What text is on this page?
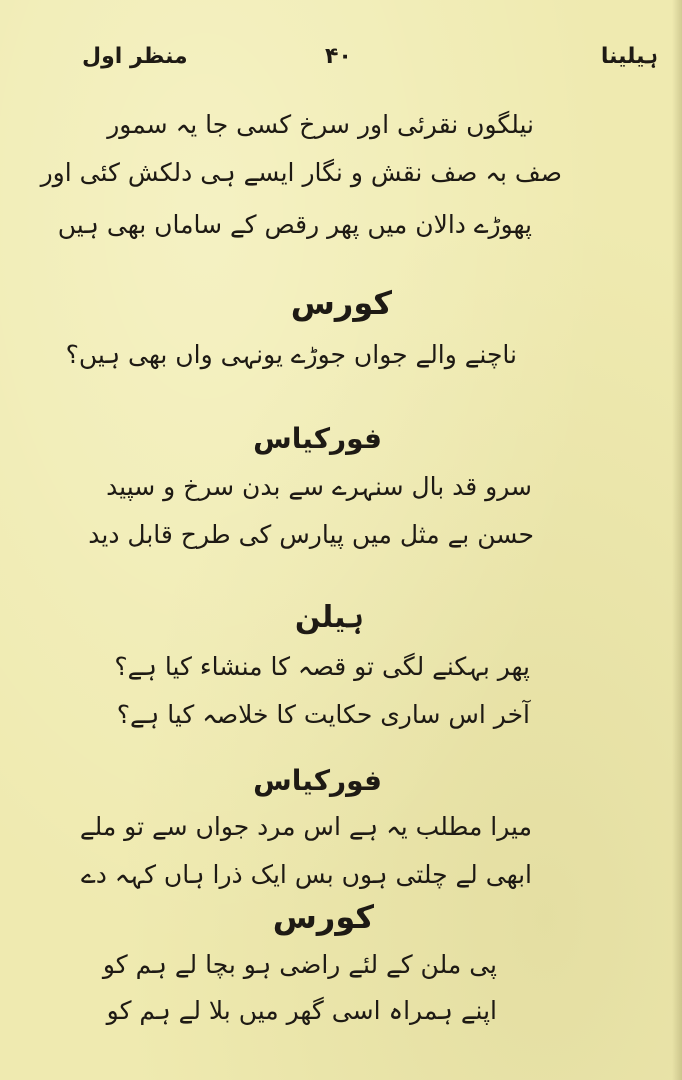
ہیلینا
۴۰
منظر اول
نیلگوں نقرئی اور سرخ کسی جا یہ سمور
صف بہ صف نقش و نگار ایسے ہی دلکش کئی اور
پھوڑے دالان میں پھر رقص کے ساماں بھی ہیں
کورس
ناچنے والے جواں جوڑے یونہی واں بھی ہیں؟
فورکیاس
سرو قد بال سنہرے سے بدن سرخ و سپید
حسن بے مثل میں پیارس کی طرح قابل دید
ہیلن
پھر بہکنے لگی تو قصہ کا منشاء کیا ہے؟
آخر اس ساری حکایت کا خلاصہ کیا ہے؟
فورکیاس
میرا مطلب یہ ہے اس مرد جواں سے تو ملے
ابھی لے چلتی ہوں بس ایک ذرا ہاں کہہ دے
کورس
پی ملن کے لئے راضی ہو بچا لے ہم کو
اپنے ہمراہ اسی گھر میں بلا لے ہم کو
